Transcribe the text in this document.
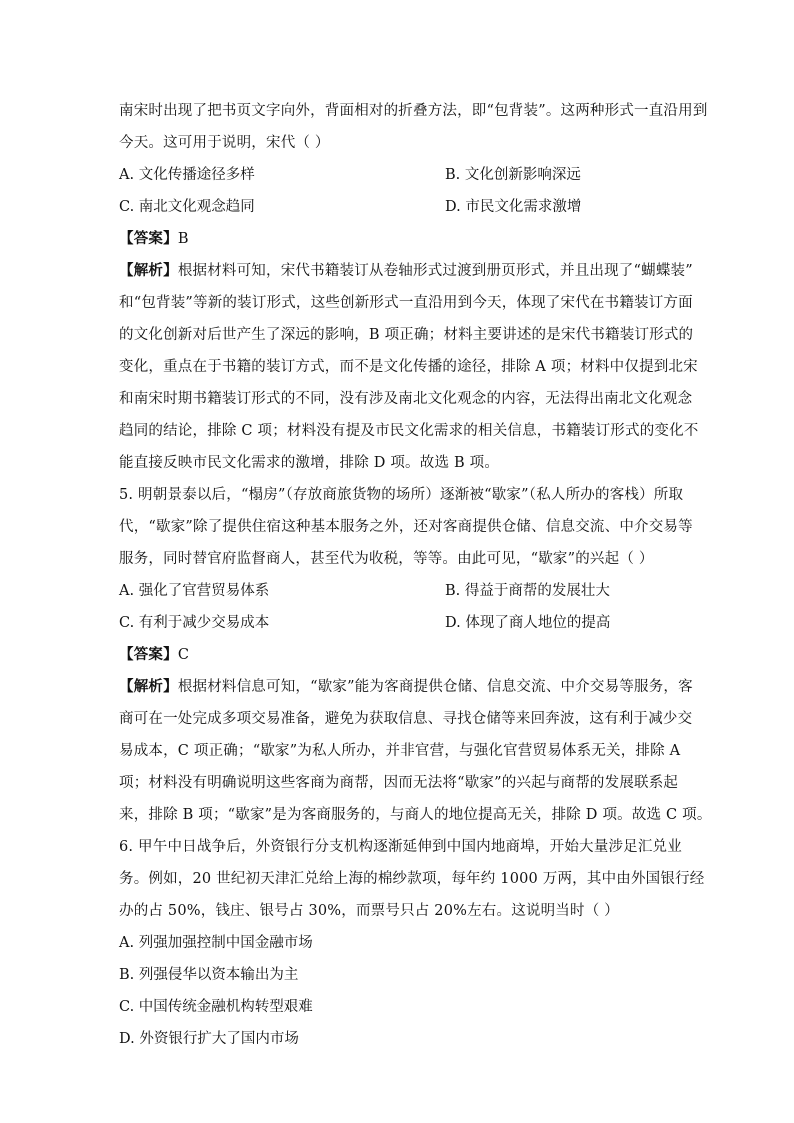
南宋时出现了把书页文字向外，背面相对的折叠方法，即“包背装”。这两种形式一直沿用到
今天。这可用于说明，宋代（ ）
A. 文化传播途径多样	B. 文化创新影响深远
C. 南北文化观念趋同	D. 市民文化需求激增
【答案】B
【解析】根据材料可知，宋代书籍装订从卷轴形式过渡到册页形式，并且出现了“蝴蝶装”
和“包背装”等新的装订形式，这些创新形式一直沿用到今天，体现了宋代在书籍装订方面
的文化创新对后世产生了深远的影响，B 项正确；材料主要讲述的是宋代书籍装订形式的
变化，重点在于书籍的装订方式，而不是文化传播的途径，排除 A 项；材料中仅提到北宋
和南宋时期书籍装订形式的不同，没有涉及南北文化观念的内容，无法得出南北文化观念
趋同的结论，排除 C 项；材料没有提及市民文化需求的相关信息，书籍装订形式的变化不
能直接反映市民文化需求的激增，排除 D 项。故选 B 项。
5. 明朝景泰以后，“榻房”（存放商旅货物的场所）逐渐被“歇家”（私人所办的客栈）所取
代，“歇家”除了提供住宿这种基本服务之外，还对客商提供仓储、信息交流、中介交易等
服务，同时替官府监督商人，甚至代为收税，等等。由此可见，“歇家”的兴起（ ）
A. 强化了官营贸易体系	B. 得益于商帮的发展壮大
C. 有利于减少交易成本	D. 体现了商人地位的提高
【答案】C
【解析】根据材料信息可知，“歇家”能为客商提供仓储、信息交流、中介交易等服务，客
商可在一处完成多项交易准备，避免为获取信息、寻找仓储等来回奔波，这有利于减少交
易成本，C 项正确；“歇家”为私人所办，并非官营，与强化官营贸易体系无关，排除 A
项；材料没有明确说明这些客商为商帮，因而无法将“歇家”的兴起与商帮的发展联系起
来，排除 B 项；“歇家”是为客商服务的，与商人的地位提高无关，排除 D 项。故选 C 项。
6. 甲午中日战争后，外资银行分支机构逐渐延伸到中国内地商埠，开始大量涉足汇兑业
务。例如，20 世纪初天津汇兑给上海的棉纱款项，每年约 1000 万两，其中由外国银行经
办的占 50%，钱庄、银号占 30%，而票号只占 20%左右。这说明当时（ ）
A. 列强加强控制中国金融市场
B. 列强侵华以资本输出为主
C. 中国传统金融机构转型艰难
D. 外资银行扩大了国内市场
